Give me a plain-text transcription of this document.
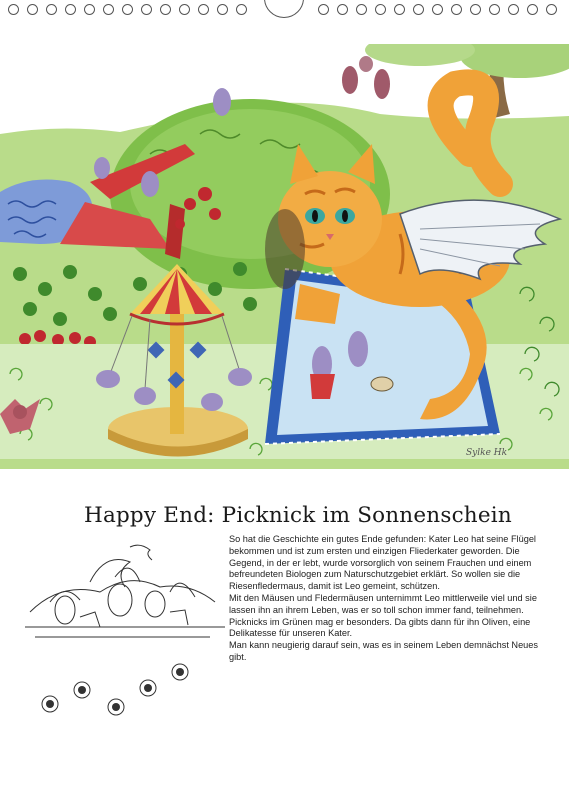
Sylke Hk
Happy End: Picknick im Sonnenschein

So hat die Geschichte ein gutes Ende gefunden: Kater Leo hat seine Flügel bekommen und ist zum ersten und einzigen Fliederkater geworden. Die Gegend, in der er lebt, wurde vorsorglich von seinem Frauchen und einem befreundeten Biologen zum Naturschutzgebiet erklärt. So wollen sie die Riesenfledermaus, damit ist Leo gemeint, schützen.

Mit den Mäusen und Fledermäusen unternimmt Leo mittlerweile viel und sie lassen ihn an ihrem Leben, was er so toll schon immer fand, teilnehmen. Picknicks im Grünen mag er besonders. Da gibts dann für ihn Oliven, eine Delikatesse für unseren Kater.

Man kann neugierig darauf sein, was es in seinem Leben demnächst Neues gibt.
